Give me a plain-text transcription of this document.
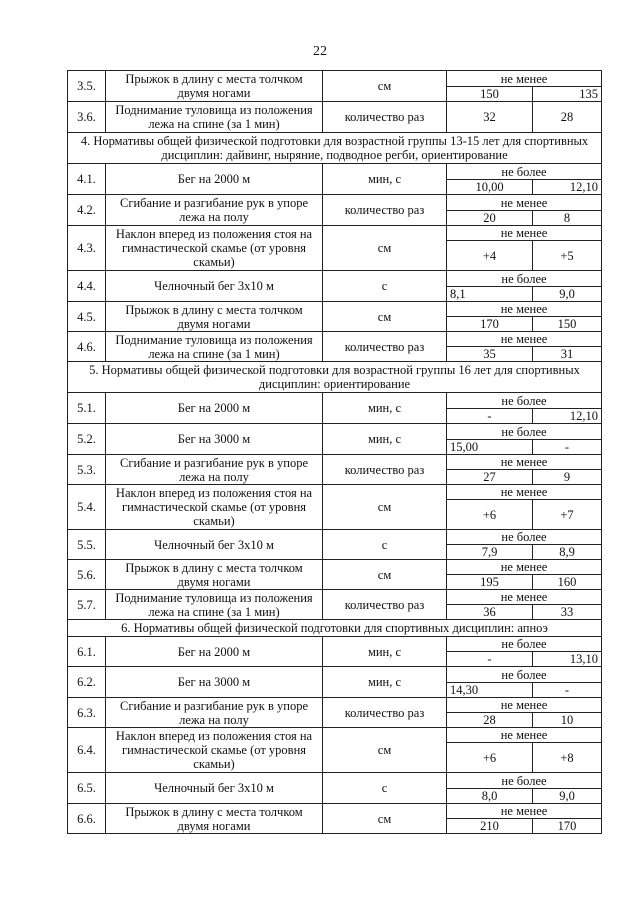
22
3.5.	Прыжок в длину с места толчком двумя ногами	см	не менее	
			150	135
3.6.	Поднимание туловища из положения лежа на спине (за 1 мин)	количество раз	32	28
4. Нормативы общей физической подготовки для возрастной группы 13-15 лет для спортивных дисциплин: дайвинг, ныряние, подводное регби, ориентирование				
4.1.	Бег на 2000 м	мин, с	не более	
			10,00	12,10
4.2.	Сгибание и разгибание рук в упоре лежа на полу	количество раз	не менее	
			20	8
4.3.	Наклон вперед из положения стоя на гимнастической скамье (от уровня скамьи)	см	не менее	
			+4	+5
4.4.	Челночный бег 3x10 м	с	не более	
			8,1	9,0
4.5.	Прыжок в длину с места толчком двумя ногами	см	не менее	
			170	150
4.6.	Поднимание туловища из положения лежа на спине (за 1 мин)	количество раз	не менее	
			35	31
5. Нормативы общей физической подготовки для возрастной группы 16 лет для спортивных дисциплин: ориентирование				
5.1.	Бег на 2000 м	мин, с	не более	
			-	12,10
5.2.	Бег на 3000 м	мин, с	не более	
			15,00	-
5.3.	Сгибание и разгибание рук в упоре лежа на полу	количество раз	не менее	
			27	9
5.4.	Наклон вперед из положения стоя на гимнастической скамье (от уровня скамьи)	см	не менее	
			+6	+7
5.5.	Челночный бег 3x10 м	с	не более	
			7,9	8,9
5.6.	Прыжок в длину с места толчком двумя ногами	см	не менее	
			195	160
5.7.	Поднимание туловища из положения лежа на спине (за 1 мин)	количество раз	не менее	
			36	33
6. Нормативы общей физической подготовки для спортивных дисциплин: апноэ				
6.1.	Бег на 2000 м	мин, с	не более	
			-	13,10
6.2.	Бег на 3000 м	мин, с	не более	
			14,30	-
6.3.	Сгибание и разгибание рук в упоре лежа на полу	количество раз	не менее	
			28	10
6.4.	Наклон вперед из положения стоя на гимнастической скамье (от уровня скамьи)	см	не менее	
			+6	+8
6.5.	Челночный бег 3x10 м	с	не более	
			8,0	9,0
6.6.	Прыжок в длину с места толчком двумя ногами	см	не менее	
			210	170
